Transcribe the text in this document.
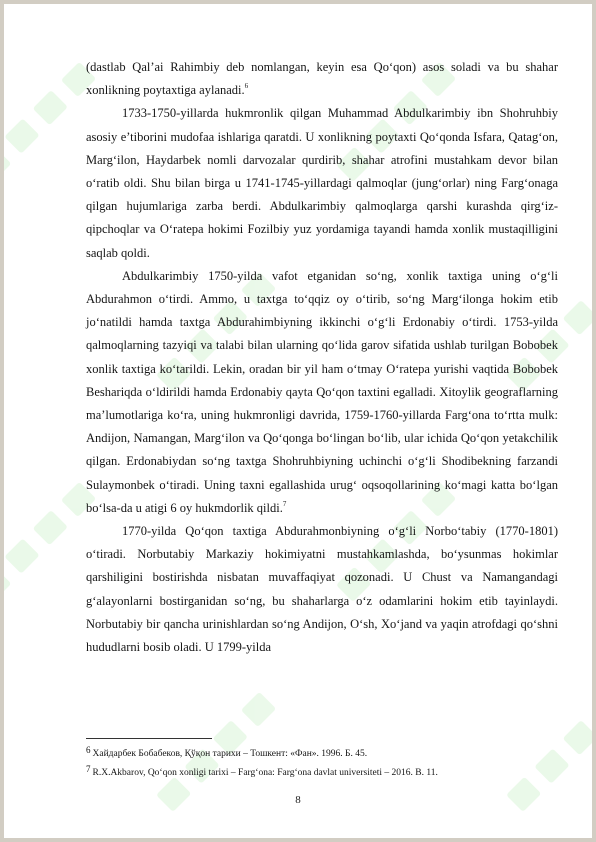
(dastlab Qal’ai Rahimbiy deb nomlangan, keyin esa Qo‘qon) asos soladi va bu shahar xonlikning poytaxtiga aylanadi.$^6$

1733-1750-yillarda hukmronlik qilgan Muhammad Abdulkarimbiy ibn Shohruhbiy asosiy e’tiborini mudofaa ishlariga qaratdi. U xonlikning poytaxti Qo‘qonda Isfara, Qatag‘on, Marg‘ilon, Haydarbek nomli darvozalar qurdirib, shahar atrofini mustahkam devor bilan o‘ratib oldi. Shu bilan birga u 1741-1745-yillardagi qalmoqlar (jung‘orlar) ning Farg‘onaga qilgan hujumlariga zarba berdi. Abdulkarimbiy qalmoqlarga qarshi kurashda qirg‘iz-qipchoqlar va O‘ratepa hokimi Fozilbiy yuz yordamiga tayandi hamda xonlik mustaqilligini saqlab qoldi.

Abdulkarimbiy 1750-yilda vafot etganidan so‘ng, xonlik taxtiga uning o‘g‘li Abdurahmon o‘tirdi. Ammo, u taxtga to‘qqiz oy o‘tirib, so‘ng Marg‘ilonga hokim etib jo‘natildi hamda taxtga Abdurahimbiyning ikkinchi o‘g‘li Erdonabiy o‘tirdi. 1753-yilda qalmoqlarning tazyiqi va talabi bilan ularning qo‘lida garov sifatida ushlab turilgan Bobobek xonlik taxtiga ko‘tarildi. Lekin, oradan bir yil ham o‘tmay O‘ratepa yurishi vaqtida Bobobek Beshariqda o‘ldirildi hamda Erdonabiy qayta Qo‘qon taxtini egalladi. Xitoylik geograflarning ma’lumotlariga ko‘ra, uning hukmronligi davrida, 1759-1760-yillarda Farg‘ona to‘rtta mulk: Andijon, Namangan, Marg‘ilon va Qo‘qonga bo‘lingan bo‘lib, ular ichida Qo‘qon yetakchilik qilgan. Erdonabiydan so‘ng taxtga Shohruhbiyning uchinchi o‘g‘li Shodibekning farzandi Sulaymonbek o‘tiradi. Uning taxni egallashida urug‘ oqsoqollarining ko‘magi katta bo‘lgan bo‘lsa-da u atigi 6 oy hukmdorlik qildi.$^7$

1770-yilda Qo‘qon taxtiga Abdurahmonbiyning o‘g‘li Norbo‘tabiy (1770-1801) o‘tiradi. Norbutabiy Markaziy hokimiyatni mustahkamlashda, bo‘ysunmas hokimlar qarshiligini bostirishda nisbatan muvaffaqiyat qozonadi. U Chust va Namangandagi g‘alayonlarni bostirganidan so‘ng, bu shaharlarga o‘z odamlarini hokim etib tayinlaydi. Norbutabiy bir qancha urinishlardan so‘ng Andijon, O‘sh, Xo‘jand va yaqin atrofdagi qo‘shni hududlarni bosib oladi. U 1799-yilda

6 Хайдарбек Бобабеков, Қўқон тарихи – Тошкент: «Фан». 1996. Б. 45.
7 R.X.Akbarov, Qo‘qon xonligi tarixi – Farg‘ona: Farg‘ona davlat universiteti – 2016. B. 11.
8
